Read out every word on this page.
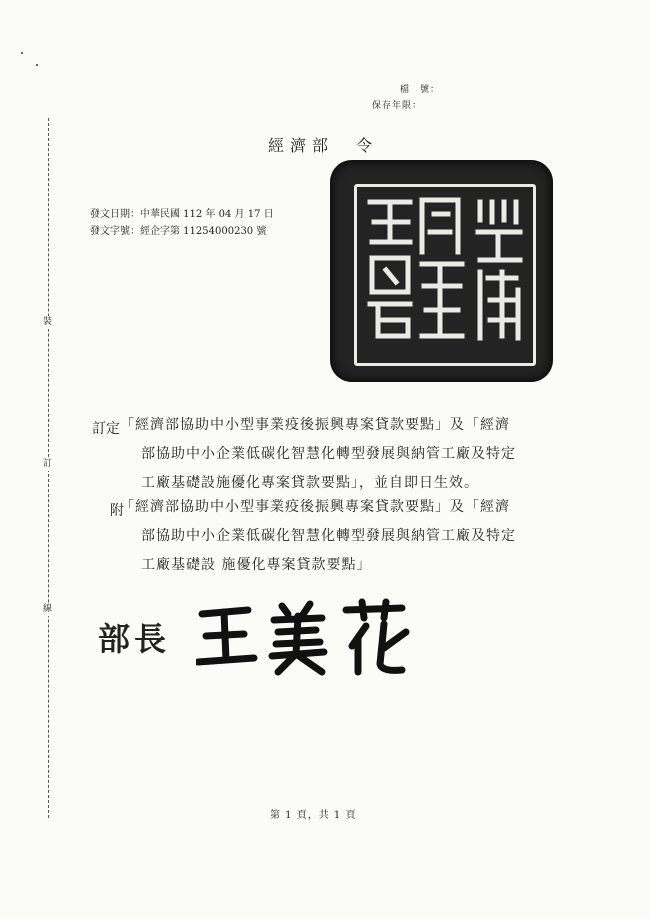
裝
訂
線
檔　號：
保存年限：
經濟部　令
發文日期：中華民國 112 年 04 月 17 日
發文字號：經企字第 11254000230 號
訂定 「經濟部協助中小型事業疫後振興專案貸款要點」及「經濟
部協助中小企業低碳化智慧化轉型發展與納管工廠及特定
工廠基礎設施優化專案貸款要點」，並自即日生效。
附
「經濟部協助中小型事業疫後振興專案貸款要點」及「經濟
部協助中小企業低碳化智慧化轉型發展與納管工廠及特定
工廠基礎設 施優化專案貸款要點」
部長
第 1 頁，共 1 頁
